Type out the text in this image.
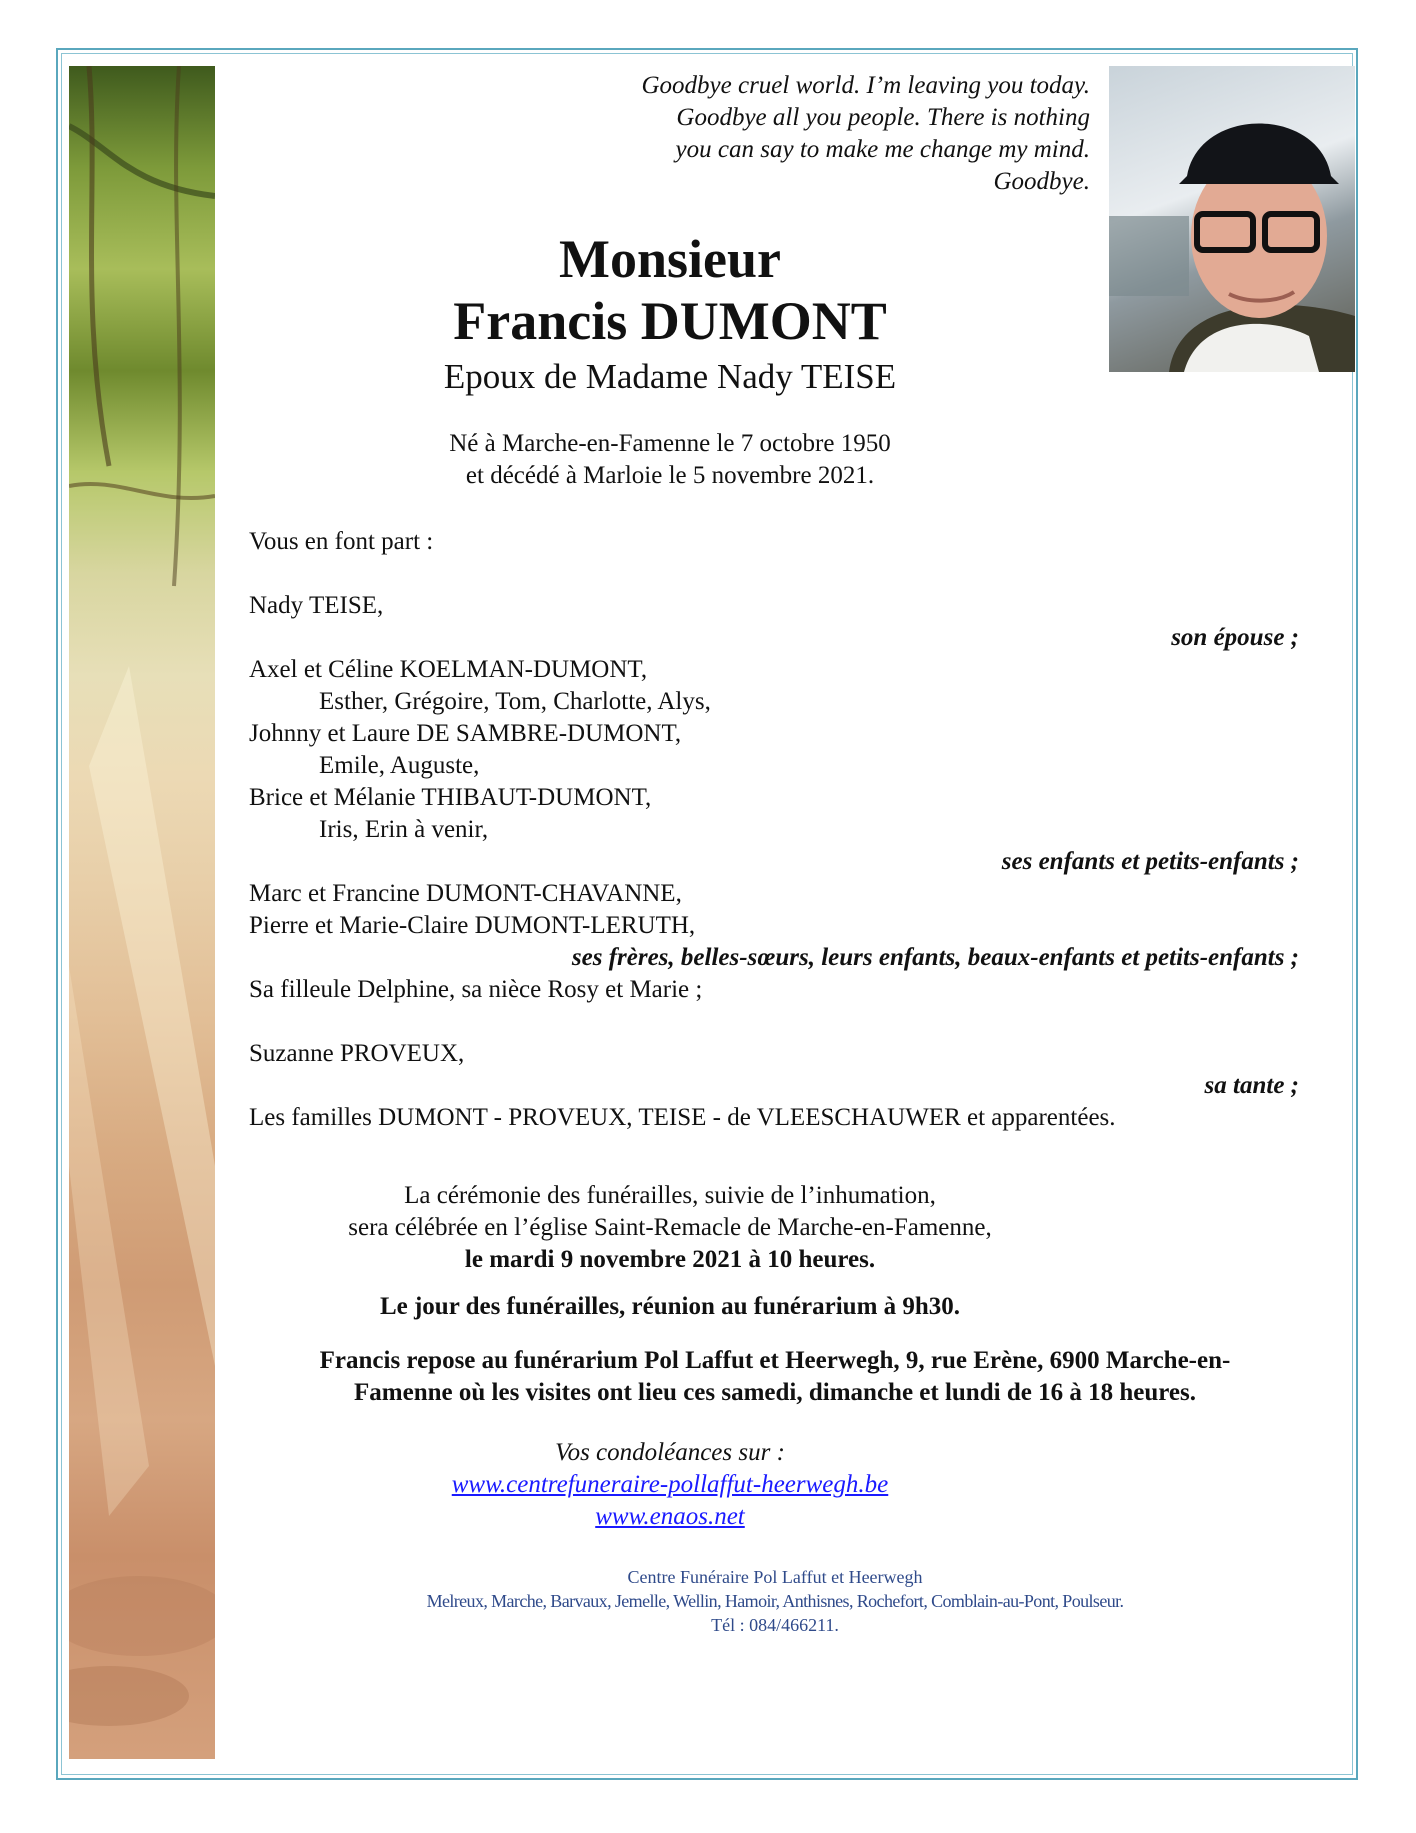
Goodbye cruel world. I’m leaving you today.
Goodbye all you people. There is nothing
you can say to make me change my mind.
Goodbye.
Monsieur
Francis DUMONT
Epoux de Madame Nady TEISE
Né à Marche-en-Famenne le 7 octobre 1950
et décédé à Marloie le 5 novembre 2021.
Vous en font part :
Nady TEISE,
son épouse ;
Axel et Céline KOELMAN-DUMONT,
Esther, Grégoire, Tom, Charlotte, Alys,
Johnny et Laure DE SAMBRE-DUMONT,
Emile, Auguste,
Brice et Mélanie THIBAUT-DUMONT,
Iris, Erin à venir,
ses enfants et petits-enfants ;
Marc et Francine DUMONT-CHAVANNE,
Pierre et Marie-Claire DUMONT-LERUTH,
ses frères, belles-sœurs, leurs enfants, beaux-enfants et petits-enfants ;
Sa filleule Delphine, sa nièce Rosy et Marie ;
Suzanne PROVEUX,
sa tante ;
Les familles DUMONT - PROVEUX, TEISE - de VLEESCHAUWER et apparentées.
La cérémonie des funérailles, suivie de l’inhumation,
sera célébrée en l’église Saint-Remacle de Marche-en-Famenne,
le mardi 9 novembre 2021 à 10 heures.
Le jour des funérailles, réunion au funérarium à 9h30.
Francis repose au funérarium Pol Laffut et Heerwegh, 9, rue Erène, 6900 Marche-en-
Famenne où les visites ont lieu ces samedi, dimanche et lundi de 16 à 18 heures.
Vos condoléances sur :
www.centrefuneraire-pollaffut-heerwegh.be
www.enaos.net
Centre Funéraire Pol Laffut et Heerwegh
Melreux, Marche, Barvaux, Jemelle, Wellin, Hamoir, Anthisnes, Rochefort, Comblain-au-Pont, Poulseur.
Tél : 084/466211.
